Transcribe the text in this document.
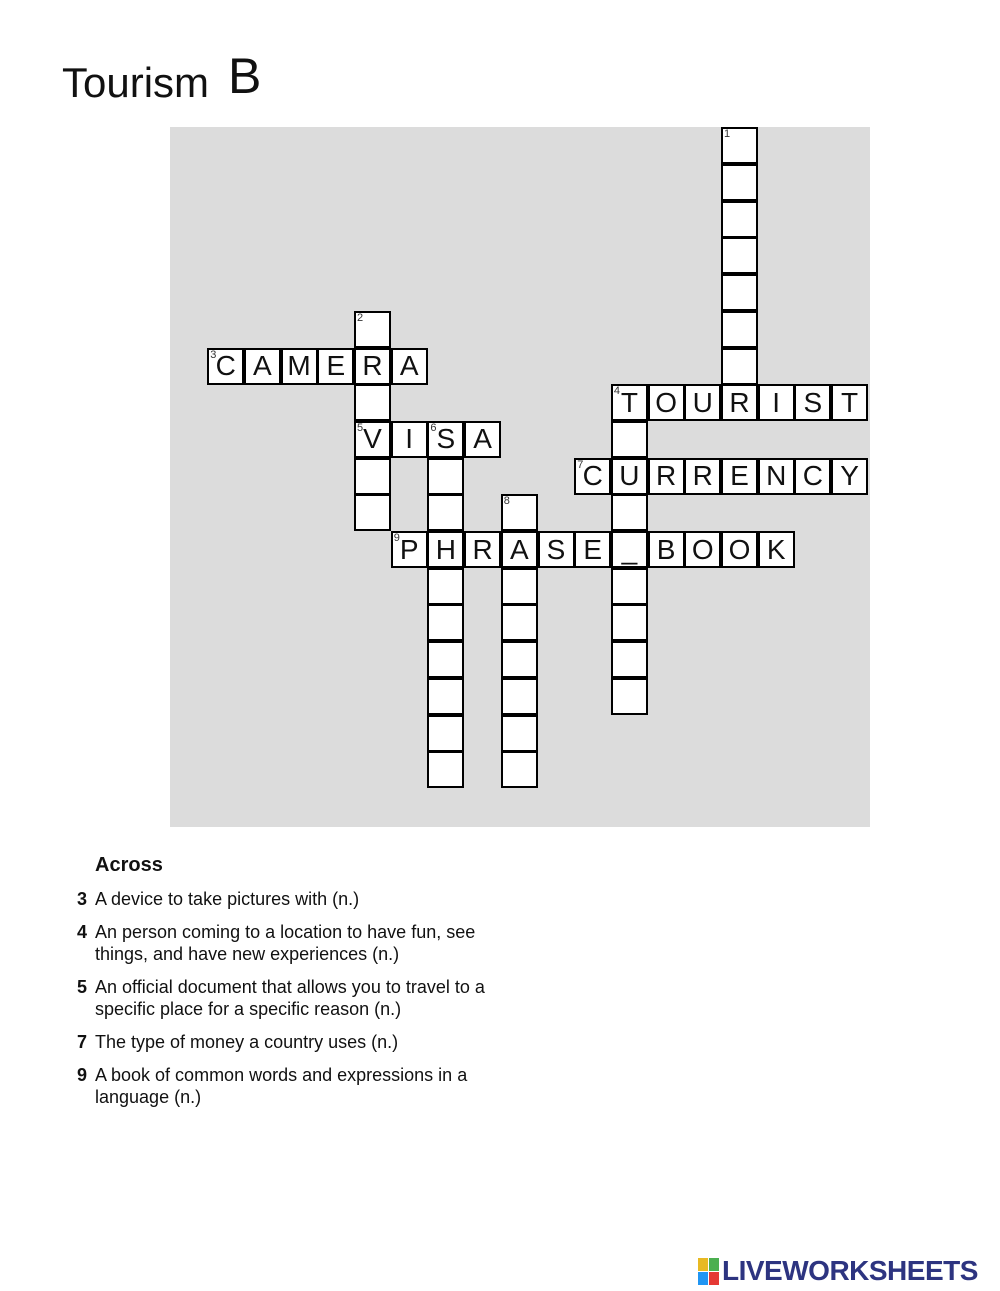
Tourism B
3 C A M E R A
4 T O U R I S T
5 V I 6 S A
7 C U R R E N C Y
9 P H R A S E _ B O O K
1
2
8
Across
3 A device to take pictures with (n.)
4 An person coming to a location to have fun, see things, and have new experiences (n.)
5 An official document that allows you to travel to a specific place for a specific reason (n.)
7 The type of money a country uses (n.)
9 A book of common words and expressions in a language (n.)
LIVEWORKSHEETS
